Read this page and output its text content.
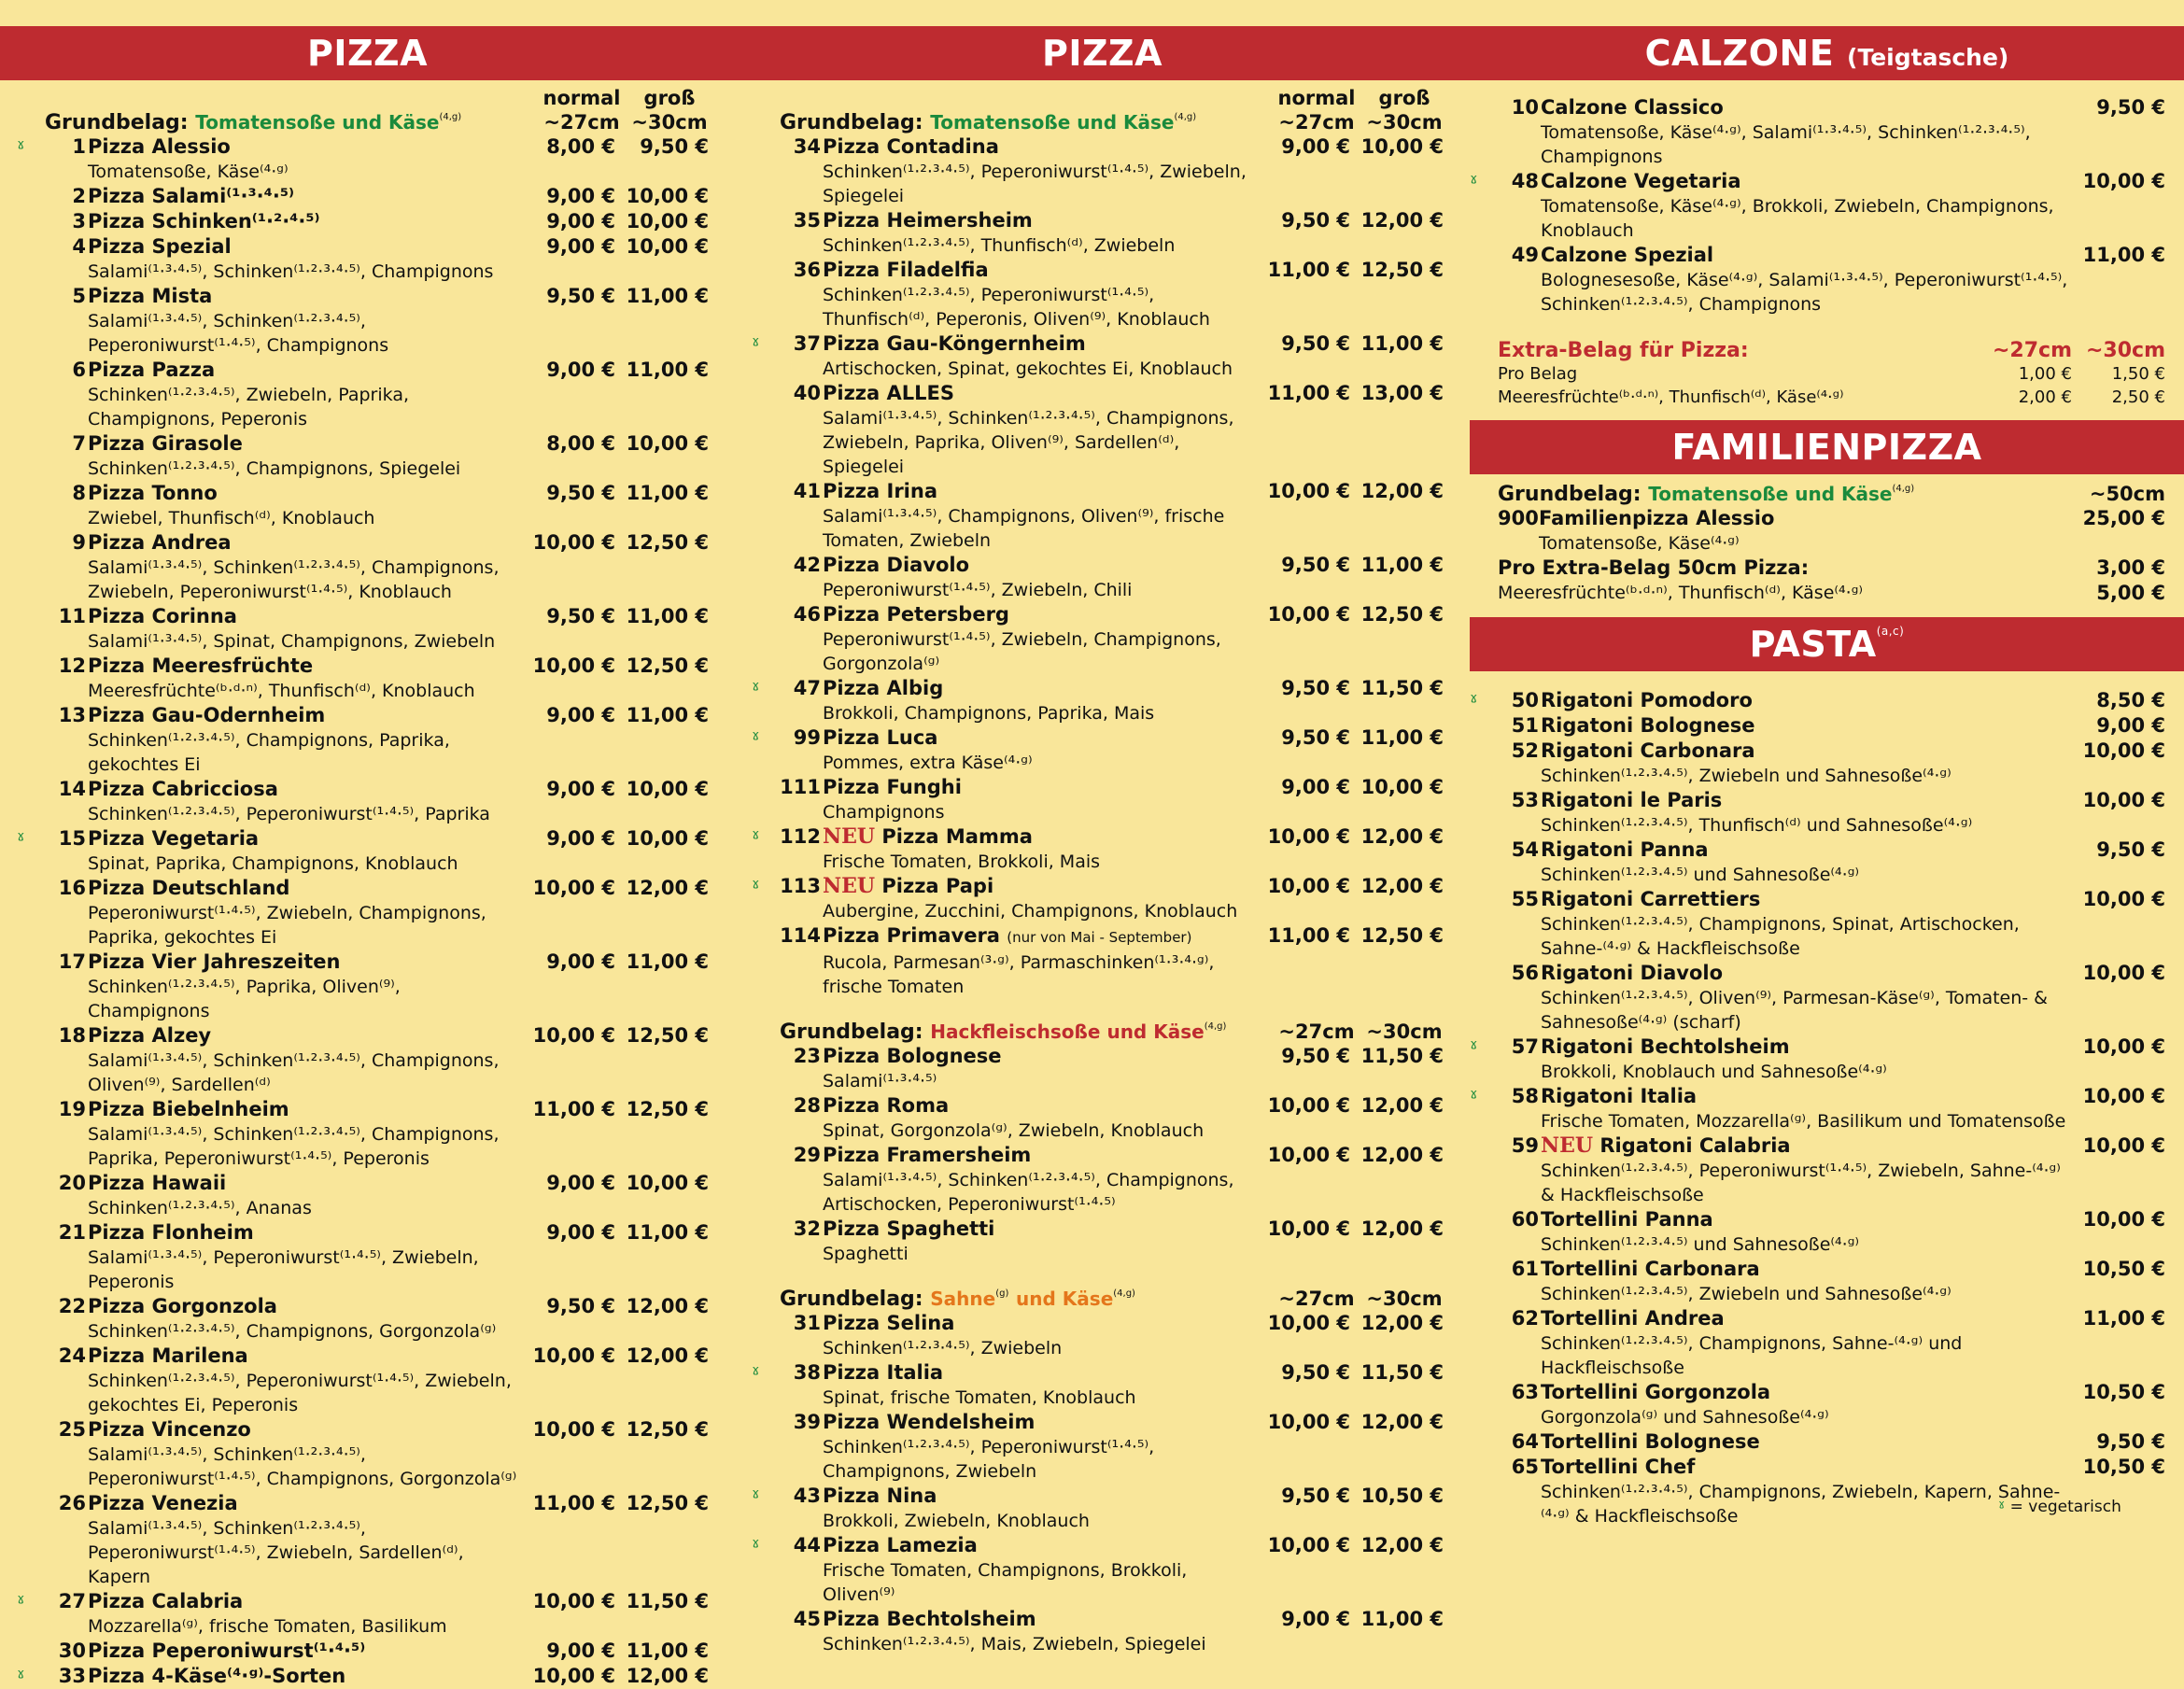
PIZZA
Grundbelag: Tomatensoße und Käse$^{(4,g)}$
normal
~27cm
groß
~30cm
ˠ	1 Pizza Alessio
Tomatensoße, Käse⁽⁴·ᵍ⁾
8,00 €	9,50 €
2 Pizza Salami⁽¹·³·⁴·⁵⁾	9,00 € 10,00 €
3 Pizza Schinken⁽¹·²·⁴·⁵⁾	9,00 € 10,00 €
4 Pizza Spezial
Salami⁽¹·³·⁴·⁵⁾, Schinken⁽¹·²·³·⁴·⁵⁾, Champignons
9,00 € 10,00 €
5 Pizza Mista
Salami⁽¹·³·⁴·⁵⁾, Schinken⁽¹·²·³·⁴·⁵⁾, Peperoniwurst⁽¹·⁴·⁵⁾, Champignons
9,50 € 11,00 €
6 Pizza Pazza
Schinken⁽¹·²·³·⁴·⁵⁾, Zwiebeln, Paprika, Champignons, Peperonis
9,00 € 11,00 €
7 Pizza Girasole
Schinken⁽¹·²·³·⁴·⁵⁾, Champignons, Spiegelei
8,00 € 10,00 €
8 Pizza Tonno
Zwiebel, Thunfisch⁽ᵈ⁾, Knoblauch
9,50 € 11,00 €
9 Pizza Andrea
Salami⁽¹·³·⁴·⁵⁾, Schinken⁽¹·²·³·⁴·⁵⁾, Champignons, Zwiebeln, Peperoniwurst⁽¹·⁴·⁵⁾, Knoblauch
10,00 € 12,50 €
11 Pizza Corinna
Salami⁽¹·³·⁴·⁵⁾, Spinat, Champignons, Zwiebeln
9,50 € 11,00 €
12 Pizza Meeresfrüchte
Meeresfrüchte⁽ᵇ·ᵈ·ⁿ⁾, Thunfisch⁽ᵈ⁾, Knoblauch
10,00 € 12,50 €
13 Pizza Gau-Odernheim
Schinken⁽¹·²·³·⁴·⁵⁾, Champignons, Paprika, gekochtes Ei
9,00 € 11,00 €
14 Pizza Cabricciosa
Schinken⁽¹·²·³·⁴·⁵⁾, Peperoniwurst⁽¹·⁴·⁵⁾, Paprika
9,00 € 10,00 €
ˠ	15 Pizza Vegetaria
Spinat, Paprika, Champignons, Knoblauch
9,00 € 10,00 €
16 Pizza Deutschland
Peperoniwurst⁽¹·⁴·⁵⁾, Zwiebeln, Champignons, Paprika, gekochtes Ei
10,00 € 12,00 €
17 Pizza Vier Jahreszeiten
Schinken⁽¹·²·³·⁴·⁵⁾, Paprika, Oliven⁽⁹⁾, Champignons
9,00 € 11,00 €
18 Pizza Alzey
Salami⁽¹·³·⁴·⁵⁾, Schinken⁽¹·²·³·⁴·⁵⁾, Champignons, Oliven⁽⁹⁾, Sardellen⁽ᵈ⁾
10,00 € 12,50 €
19 Pizza Biebelnheim
Salami⁽¹·³·⁴·⁵⁾, Schinken⁽¹·²·³·⁴·⁵⁾, Champignons, Paprika, Peperoniwurst⁽¹·⁴·⁵⁾, Peperonis
11,00 € 12,50 €
20 Pizza Hawaii
Schinken⁽¹·²·³·⁴·⁵⁾, Ananas
9,00 € 10,00 €
21 Pizza Flonheim
Salami⁽¹·³·⁴·⁵⁾, Peperoniwurst⁽¹·⁴·⁵⁾, Zwiebeln, Peperonis
9,00 € 11,00 €
22 Pizza Gorgonzola
Schinken⁽¹·²·³·⁴·⁵⁾, Champignons, Gorgonzola⁽ᵍ⁾
9,50 € 12,00 €
24 Pizza Marilena
Schinken⁽¹·²·³·⁴·⁵⁾, Peperoniwurst⁽¹·⁴·⁵⁾, Zwiebeln, gekochtes Ei, Peperonis
10,00 € 12,00 €
25 Pizza Vincenzo
Salami⁽¹·³·⁴·⁵⁾, Schinken⁽¹·²·³·⁴·⁵⁾, Peperoniwurst⁽¹·⁴·⁵⁾, Champignons, Gorgonzola⁽ᵍ⁾
10,00 € 12,50 €
26 Pizza Venezia
Salami⁽¹·³·⁴·⁵⁾, Schinken⁽¹·²·³·⁴·⁵⁾, Peperoniwurst⁽¹·⁴·⁵⁾, Zwiebeln, Sardellen⁽ᵈ⁾, Kapern
11,00 € 12,50 €
ˠ	27 Pizza Calabria
Mozzarella⁽ᵍ⁾, frische Tomaten, Basilikum
10,00 € 11,50 €
30 Pizza Peperoniwurst⁽¹·⁴·⁵⁾	9,00 € 11,00 €
ˠ	33 Pizza 4-Käse⁽⁴·ᵍ⁾-Sorten	10,00 € 12,00 €
PIZZA
Grundbelag: Tomatensoße und Käse$^{(4,g)}$
normal
~27cm
groß
~30cm
34 Pizza Contadina
Schinken⁽¹·²·³·⁴·⁵⁾, Peperoniwurst⁽¹·⁴·⁵⁾, Zwiebeln, Spiegelei
9,00 € 10,00 €
35 Pizza Heimersheim
Schinken⁽¹·²·³·⁴·⁵⁾, Thunfisch⁽ᵈ⁾, Zwiebeln
9,50 € 12,00 €
36 Pizza Filadelfia
Schinken⁽¹·²·³·⁴·⁵⁾, Peperoniwurst⁽¹·⁴·⁵⁾, Thunfisch⁽ᵈ⁾, Peperonis, Oliven⁽⁹⁾, Knoblauch
11,00 € 12,50 €
ˠ	37 Pizza Gau-Köngernheim
Artischocken, Spinat, gekochtes Ei, Knoblauch
9,50 € 11,00 €
40 Pizza ALLES
Salami⁽¹·³·⁴·⁵⁾, Schinken⁽¹·²·³·⁴·⁵⁾, Champignons, Zwiebeln, Paprika, Oliven⁽⁹⁾, Sardellen⁽ᵈ⁾, Spiegelei
11,00 € 13,00 €
41 Pizza Irina
Salami⁽¹·³·⁴·⁵⁾, Champignons, Oliven⁽⁹⁾, frische Tomaten, Zwiebeln
10,00 € 12,00 €
42 Pizza Diavolo
Peperoniwurst⁽¹·⁴·⁵⁾, Zwiebeln, Chili
9,50 € 11,00 €
46 Pizza Petersberg
Peperoniwurst⁽¹·⁴·⁵⁾, Zwiebeln, Champignons, Gorgonzola⁽ᵍ⁾
10,00 € 12,50 €
ˠ	47 Pizza Albig
Brokkoli, Champignons, Paprika, Mais
9,50 € 11,50 €
ˠ	99 Pizza Luca
Pommes, extra Käse⁽⁴·ᵍ⁾
9,50 € 11,00 €
111 Pizza Funghi
Champignons
9,00 € 10,00 €
ˠ 112 NEU Pizza Mamma
Frische Tomaten, Brokkoli, Mais
10,00 € 12,00 €
ˠ 113 NEU Pizza Papi
Aubergine, Zucchini, Champignons, Knoblauch
10,00 € 12,00 €
114 Pizza Primavera (nur von Mai - September)
Rucola, Parmesan⁽³·ᵍ⁾, Parmaschinken⁽¹·³·⁴·ᵍ⁾, frische Tomaten
11,00 € 12,50 €
Grundbelag: Hackfleischsoße und Käse$^{(4,g)}$	~27cm ~30cm
23 Pizza Bolognese
Salami⁽¹·³·⁴·⁵⁾
9,50 € 11,50 €
28 Pizza Roma
Spinat, Gorgonzola⁽ᵍ⁾, Zwiebeln, Knoblauch
10,00 € 12,00 €
29 Pizza Framersheim
Salami⁽¹·³·⁴·⁵⁾, Schinken⁽¹·²·³·⁴·⁵⁾, Champignons, Artischocken, Peperoniwurst⁽¹·⁴·⁵⁾
10,00 € 12,00 €
32 Pizza Spaghetti
Spaghetti
10,00 € 12,00 €
Grundbelag: Sahne$^{(g)}$ und Käse$^{(4,g)}$	~27cm ~30cm
31 Pizza Selina
Schinken⁽¹·²·³·⁴·⁵⁾, Zwiebeln
10,00 € 12,00 €
ˠ	38 Pizza Italia
Spinat, frische Tomaten, Knoblauch
9,50 € 11,50 €
39 Pizza Wendelsheim
Schinken⁽¹·²·³·⁴·⁵⁾, Peperoniwurst⁽¹·⁴·⁵⁾, Champignons, Zwiebeln
10,00 € 12,00 €
ˠ	43 Pizza Nina
Brokkoli, Zwiebeln, Knoblauch
9,50 € 10,50 €
ˠ	44 Pizza Lamezia
Frische Tomaten, Champignons, Brokkoli, Oliven⁽⁹⁾
10,00 € 12,00 €
45 Pizza Bechtolsheim
Schinken⁽¹·²·³·⁴·⁵⁾, Mais, Zwiebeln, Spiegelei
9,00 € 11,00 €
CALZONE (Teigtasche)
10 Calzone Classico
Tomatensoße, Käse⁽⁴·ᵍ⁾, Salami⁽¹·³·⁴·⁵⁾, Schinken⁽¹·²·³·⁴·⁵⁾, Champignons
9,50 €
ˠ	48 Calzone Vegetaria
Tomatensoße, Käse⁽⁴·ᵍ⁾, Brokkoli, Zwiebeln, Champignons, Knoblauch
10,00 €
49 Calzone Spezial
Bolognesesoße, Käse⁽⁴·ᵍ⁾, Salami⁽¹·³·⁴·⁵⁾, Peperoniwurst⁽¹·⁴·⁵⁾, Schinken⁽¹·²·³·⁴·⁵⁾, Champignons
11,00 €
Extra-Belag für Pizza:	~27cm ~30cm
Pro Belag	1,00 €	1,50 €
Meeresfrüchte⁽ᵇ·ᵈ·ⁿ⁾, Thunfisch⁽ᵈ⁾, Käse⁽⁴·ᵍ⁾	2,00 €	2,50 €
FAMILIENPIZZA
Grundbelag: Tomatensoße und Käse$^{(4,g)}$	~50cm
900 Familienpizza Alessio
Tomatensoße, Käse⁽⁴·ᵍ⁾
25,00 €
Pro Extra-Belag 50cm Pizza:
Meeresfrüchte⁽ᵇ·ᵈ·ⁿ⁾, Thunfisch⁽ᵈ⁾, Käse⁽⁴·ᵍ⁾
3,00 €
5,00 €
PASTA$^{(a,c)}$
ˠ	50 Rigatoni Pomodoro	8,50 €
51 Rigatoni Bolognese	9,00 €
52 Rigatoni Carbonara
Schinken⁽¹·²·³·⁴·⁵⁾, Zwiebeln und Sahnesoße⁽⁴·ᵍ⁾
10,00 €
53 Rigatoni le Paris
Schinken⁽¹·²·³·⁴·⁵⁾, Thunfisch⁽ᵈ⁾ und Sahnesoße⁽⁴·ᵍ⁾
10,00 €
54 Rigatoni Panna
Schinken⁽¹·²·³·⁴·⁵⁾ und Sahnesoße⁽⁴·ᵍ⁾
9,50 €
55 Rigatoni Carrettiers
Schinken⁽¹·²·³·⁴·⁵⁾, Champignons, Spinat, Artischocken, Sahne-⁽⁴·ᵍ⁾ & Hackfleischsoße
10,00 €
56 Rigatoni Diavolo
Schinken⁽¹·²·³·⁴·⁵⁾, Oliven⁽⁹⁾, Parmesan-Käse⁽ᵍ⁾, Tomaten- & Sahnesoße⁽⁴·ᵍ⁾ (scharf)
10,00 €
ˠ	57 Rigatoni Bechtolsheim
Brokkoli, Knoblauch und Sahnesoße⁽⁴·ᵍ⁾
10,00 €
ˠ	58 Rigatoni Italia
Frische Tomaten, Mozzarella⁽ᵍ⁾, Basilikum und Tomatensoße
10,00 €
59 NEU Rigatoni Calabria
Schinken⁽¹·²·³·⁴·⁵⁾, Peperoniwurst⁽¹·⁴·⁵⁾, Zwiebeln, Sahne-⁽⁴·ᵍ⁾ & Hackfleischsoße
10,00 €
60 Tortellini Panna
Schinken⁽¹·²·³·⁴·⁵⁾ und Sahnesoße⁽⁴·ᵍ⁾
10,00 €
61 Tortellini Carbonara
Schinken⁽¹·²·³·⁴·⁵⁾, Zwiebeln und Sahnesoße⁽⁴·ᵍ⁾
10,50 €
62 Tortellini Andrea
Schinken⁽¹·²·³·⁴·⁵⁾, Champignons, Sahne-⁽⁴·ᵍ⁾ und Hackfleischsoße
11,00 €
63 Tortellini Gorgonzola
Gorgonzola⁽ᵍ⁾ und Sahnesoße⁽⁴·ᵍ⁾
10,50 €
64 Tortellini Bolognese	9,50 €
65 Tortellini Chef
Schinken⁽¹·²·³·⁴·⁵⁾, Champignons, Zwiebeln, Kapern, Sahne-⁽⁴·ᵍ⁾ & Hackfleischsoße
10,50 €
ˠ = vegetarisch
